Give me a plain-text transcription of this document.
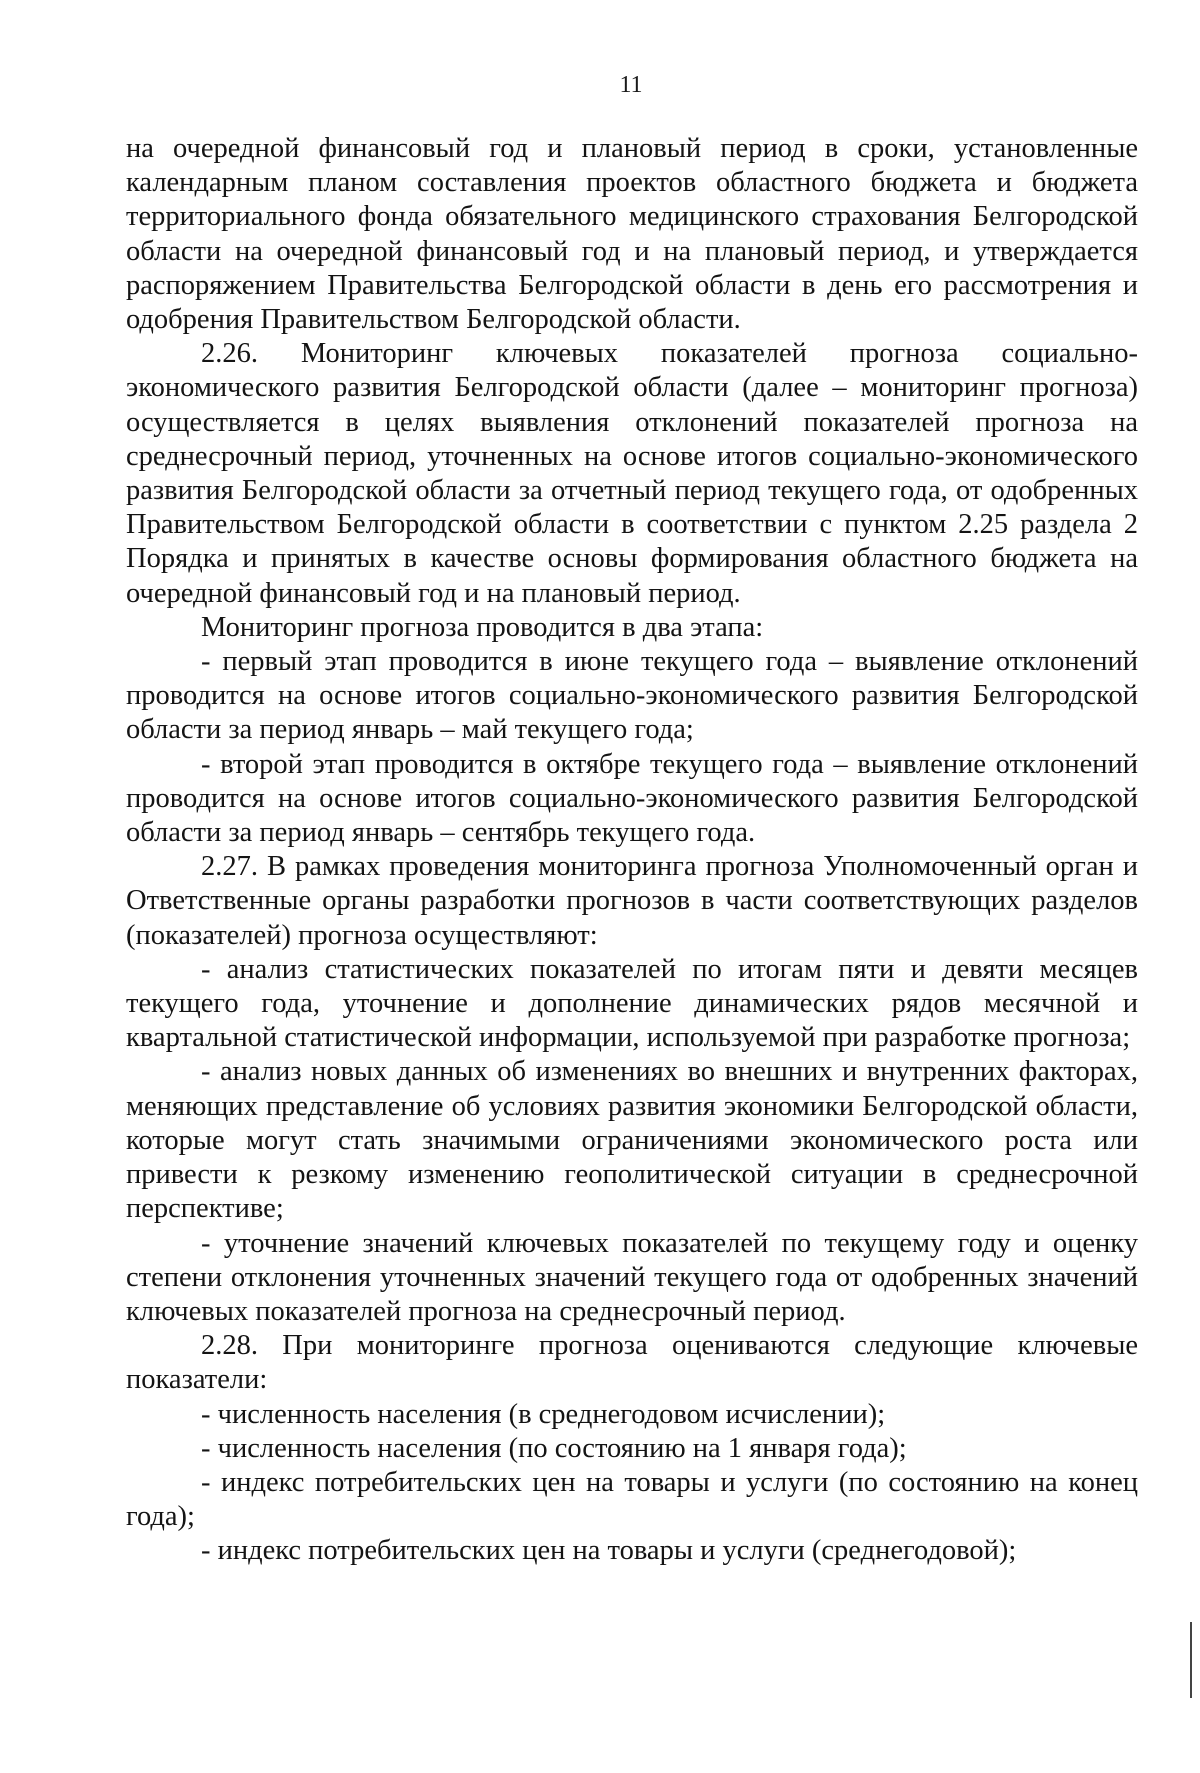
11

на очередной финансовый год и плановый период в сроки, установленные календарным планом составления проектов областного бюджета и бюджета территориального фонда обязательного медицинского страхования Белгородской области на очередной финансовый год и на плановый период, и утверждается распоряжением Правительства Белгородской области в день его рассмотрения и одобрения Правительством Белгородской области.

2.26. Мониторинг ключевых показателей прогноза социально-экономического развития Белгородской области (далее – мониторинг прогноза) осуществляется в целях выявления отклонений показателей прогноза на среднесрочный период, уточненных на основе итогов социально-экономического развития Белгородской области за отчетный период текущего года, от одобренных Правительством Белгородской области в соответствии с пунктом 2.25 раздела 2 Порядка и принятых в качестве основы формирования областного бюджета на очередной финансовый год и на плановый период.

Мониторинг прогноза проводится в два этапа:

- первый этап проводится в июне текущего года – выявление отклонений проводится на основе итогов социально-экономического развития Белгородской области за период январь – май текущего года;

- второй этап проводится в октябре текущего года – выявление отклонений проводится на основе итогов социально-экономического развития Белгородской области за период январь – сентябрь текущего года.

2.27. В рамках проведения мониторинга прогноза Уполномоченный орган и Ответственные органы разработки прогнозов в части соответствующих разделов (показателей) прогноза осуществляют:

- анализ статистических показателей по итогам пяти и девяти месяцев текущего года, уточнение и дополнение динамических рядов месячной и квартальной статистической информации, используемой при разработке прогноза;

- анализ новых данных об изменениях во внешних и внутренних факторах, меняющих представление об условиях развития экономики Белгородской области, которые могут стать значимыми ограничениями экономического роста или привести к резкому изменению геополитической ситуации в среднесрочной перспективе;

- уточнение значений ключевых показателей по текущему году и оценку степени отклонения уточненных значений текущего года от одобренных значений ключевых показателей прогноза на среднесрочный период.

2.28. При мониторинге прогноза оцениваются следующие ключевые показатели:

- численность населения (в среднегодовом исчислении);

- численность населения (по состоянию на 1 января года);

- индекс потребительских цен на товары и услуги (по состоянию на конец года);

- индекс потребительских цен на товары и услуги (среднегодовой);
